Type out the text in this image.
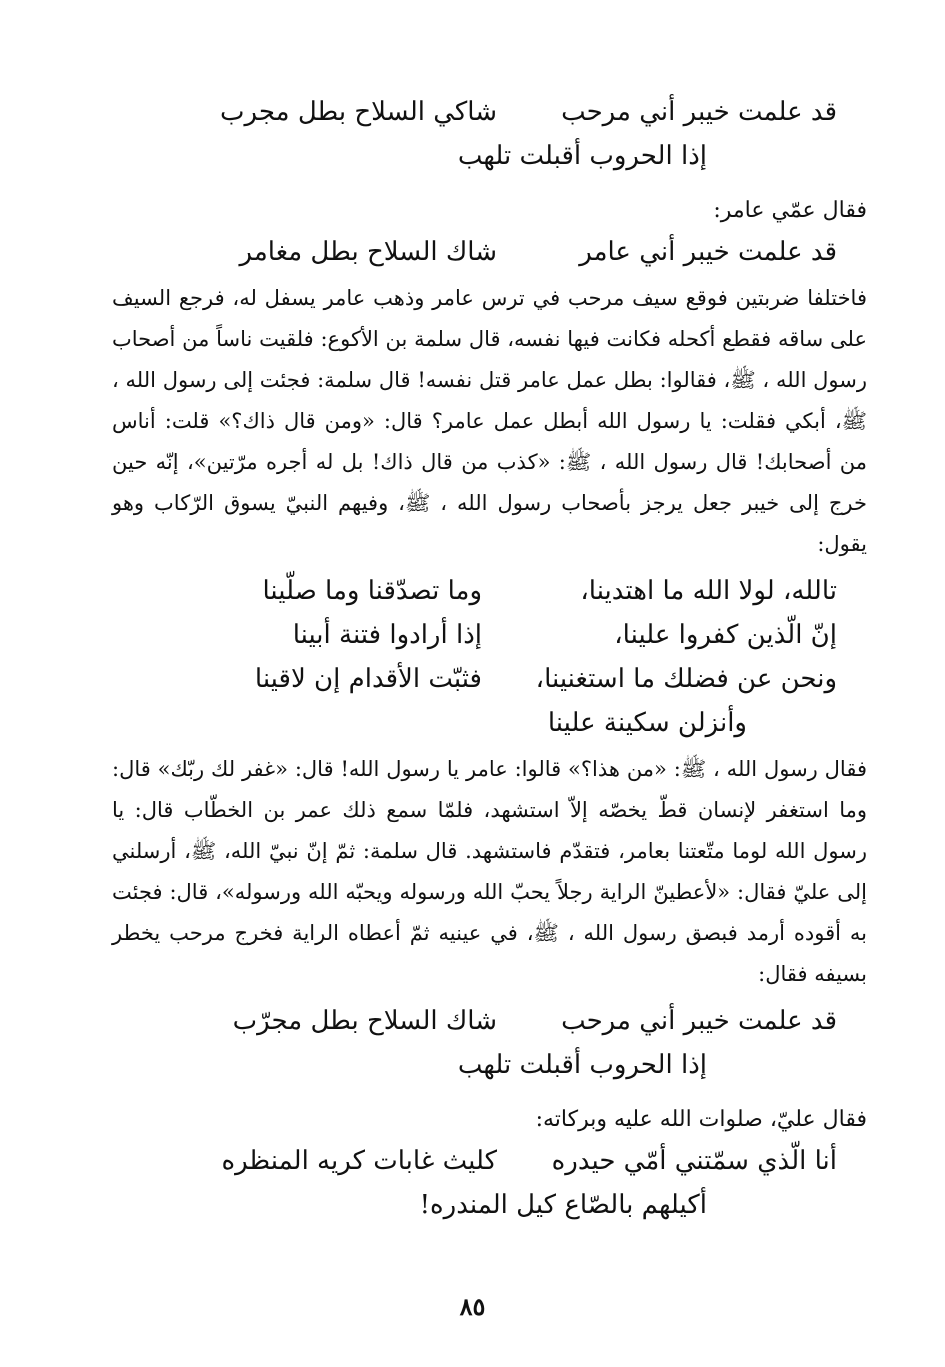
قد علمت خيبر أني مرحب
شاكي السلاح بطل مجرب
إذا الحروب أقبلت تلهب
فقال عمّي عامر:
قد علمت خيبر أني عامر
شاك السلاح بطل مغامر

فاختلفا ضربتين فوقع سيف مرحب في ترس عامر وذهب عامر يسفل له، فرجع السيف على ساقه فقطع أكحله فكانت فيها نفسه، قال سلمة بن الأكوع: فلقيت ناساً من أصحاب رسول الله ، ﷺ، فقالوا: بطل عمل عامر قتل نفسه! قال سلمة: فجئت إلى رسول الله ، ﷺ، أبكي فقلت: يا رسول الله أبطل عمل عامر؟ قال: «ومن قال ذاك؟» قلت: أناس من أصحابك! قال رسول الله ، ﷺ: «كذب من قال ذاك! بل له أجره مرّتين»، إنّه حين خرج إلى خيبر جعل يرجز بأصحاب رسول الله ، ﷺ، وفيهم النبيّ يسوق الرّكاب وهو يقول:

تالله، لولا الله ما اهتدينا،
وما تصدّقنا وما صلّينا
إنّ الّذين كفروا علينا،
إذا أرادوا فتنة أبينا
ونحن عن فضلك ما استغنينا،
فثبّت الأقدام إن لاقينا
وأنزلن سكينة علينا

فقال رسول الله ، ﷺ: «من هذا؟» قالوا: عامر يا رسول الله! قال: «غفر لك ربّك» قال: وما استغفر لإنسان قطّ يخصّه إلاّ استشهد، فلمّا سمع ذلك عمر بن الخطّاب قال: يا رسول الله لوما متّعتنا بعامر، فتقدّم فاستشهد. قال سلمة: ثمّ إنّ نبيّ الله، ﷺ، أرسلني إلى عليّ فقال: «لأعطينّ الراية رجلاً يحبّ الله ورسوله ويحبّه الله ورسوله»، قال: فجئت به أقوده أرمد فبصق رسول الله ، ﷺ، في عينيه ثمّ أعطاه الراية فخرج مرحب يخطر بسيفه فقال:

قد علمت خيبر أني مرحب
شاك السلاح بطل مجرّب
إذا الحروب أقبلت تلهب
فقال عليّ، صلوات الله عليه وبركاته:
أنا الّذي سمّتني أمّي حيدره
كليث غابات كريه المنظره
أكيلهم بالصّاع كيل المندره!
٨٥
